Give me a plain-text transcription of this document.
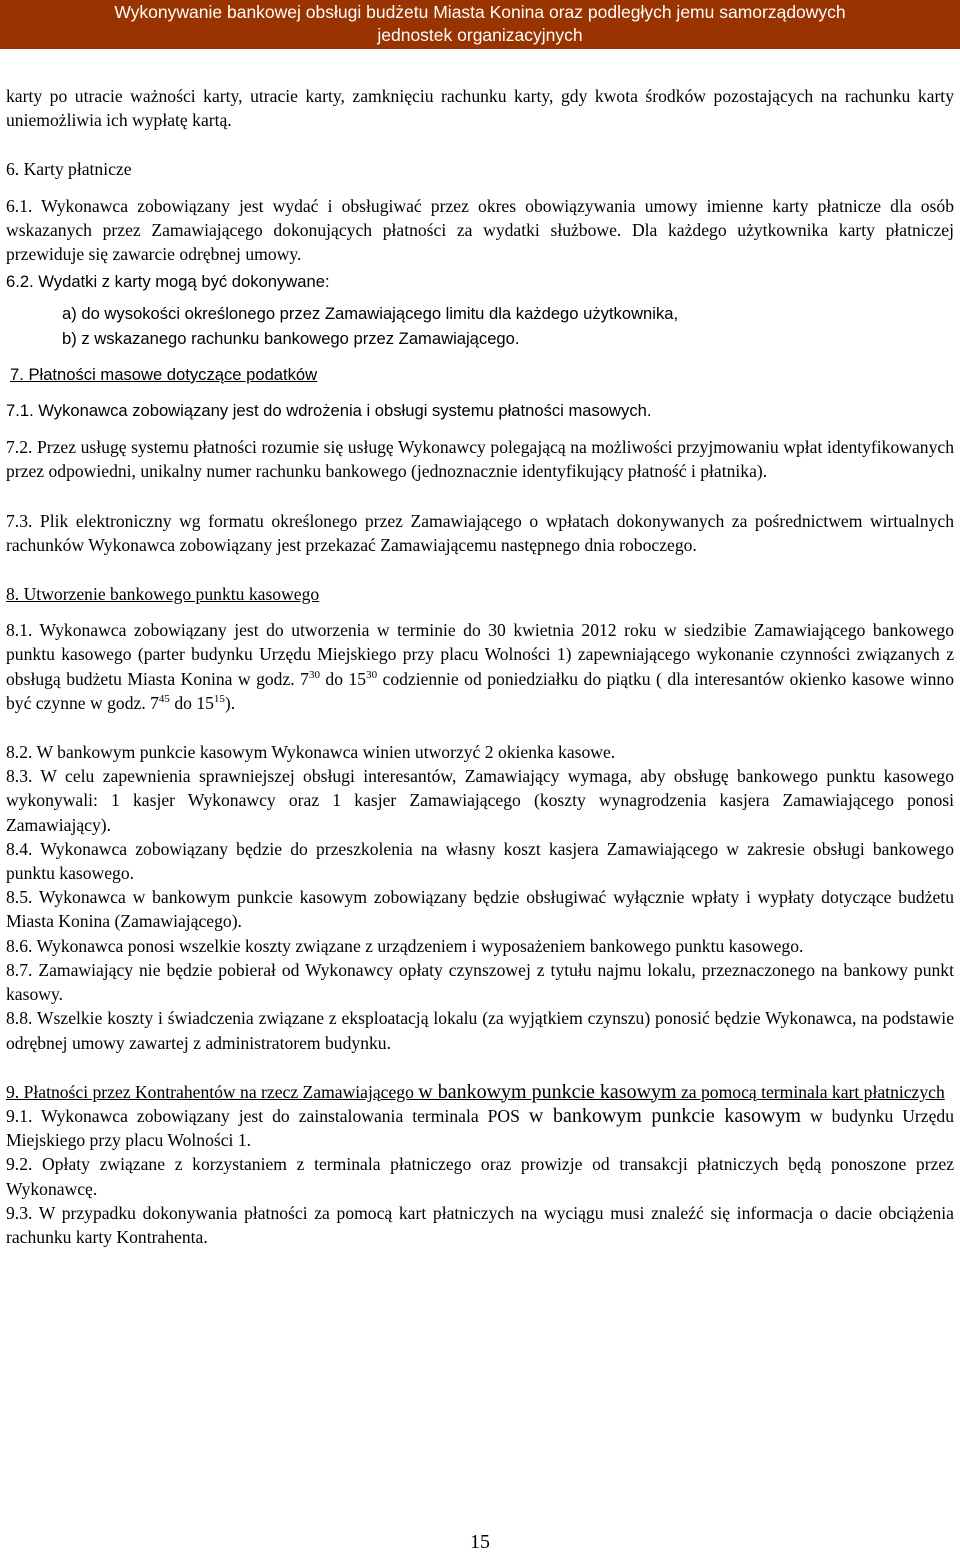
Wykonywanie bankowej obsługi budżetu Miasta Konina oraz podległych jemu samorządowych
jednostek organizacyjnych

karty po utracie ważności karty, utracie karty, zamknięciu rachunku karty, gdy kwota środków pozostających na rachunku karty uniemożliwia ich wypłatę kartą.

6. Karty płatnicze

6.1. Wykonawca zobowiązany jest wydać i obsługiwać przez okres obowiązywania umowy imienne karty płatnicze dla osób wskazanych przez Zamawiającego dokonujących płatności za wydatki służbowe. Dla każdego użytkownika karty płatniczej przewiduje się zawarcie odrębnej umowy.

6.2. Wydatki z karty mogą być dokonywane:

a) do wysokości określonego przez Zamawiającego limitu dla każdego użytkownika,

b) z wskazanego rachunku bankowego przez Zamawiającego.

7. Płatności masowe dotyczące podatków

7.1. Wykonawca zobowiązany jest do wdrożenia i obsługi systemu płatności masowych.

7.2. Przez usługę systemu płatności rozumie się usługę Wykonawcy polegającą na możliwości przyjmowaniu wpłat identyfikowanych przez odpowiedni, unikalny numer rachunku bankowego (jednoznacznie identyfikujący płatność i płatnika).

7.3. Plik elektroniczny wg formatu określonego przez Zamawiającego o wpłatach dokonywanych za pośrednictwem wirtualnych rachunków Wykonawca zobowiązany jest przekazać Zamawiającemu następnego dnia roboczego.

8. Utworzenie bankowego punktu kasowego

8.1. Wykonawca zobowiązany jest do utworzenia w terminie do 30 kwietnia 2012 roku w siedzibie Zamawiającego bankowego punktu kasowego (parter budynku Urzędu Miejskiego przy placu Wolności 1) zapewniającego wykonanie czynności związanych z obsługą budżetu Miasta Konina w godz. $7^{30}$ do $15^{30}$ codziennie od poniedziałku do piątku ( dla interesantów okienko kasowe winno być czynne w godz. $7^{45}$ do $15^{15}$).

8.2. W bankowym punkcie kasowym Wykonawca winien utworzyć 2 okienka kasowe.

8.3. W celu zapewnienia sprawniejszej obsługi interesantów, Zamawiający wymaga, aby obsługę bankowego punktu kasowego wykonywali: 1 kasjer Wykonawcy oraz 1 kasjer Zamawiającego (koszty wynagrodzenia kasjera Zamawiającego ponosi Zamawiający).

8.4. Wykonawca zobowiązany będzie do przeszkolenia na własny koszt kasjera Zamawiającego w zakresie obsługi bankowego punktu kasowego.

8.5. Wykonawca w bankowym punkcie kasowym zobowiązany będzie obsługiwać wyłącznie wpłaty i wypłaty dotyczące budżetu Miasta Konina (Zamawiającego).

8.6. Wykonawca ponosi wszelkie koszty związane z urządzeniem i wyposażeniem bankowego punktu kasowego.

8.7. Zamawiający nie będzie pobierał od Wykonawcy opłaty czynszowej z tytułu najmu lokalu, przeznaczonego na bankowy punkt kasowy.

8.8. Wszelkie koszty i świadczenia związane z eksploatacją lokalu (za wyjątkiem czynszu) ponosić będzie Wykonawca, na podstawie odrębnej umowy zawartej z administratorem budynku.

9. Płatności przez Kontrahentów na rzecz Zamawiającego w bankowym punkcie kasowym za pomocą terminala kart płatniczych

9.1. Wykonawca zobowiązany jest do zainstalowania terminala POS w bankowym punkcie kasowym w budynku Urzędu Miejskiego przy placu Wolności 1.

9.2. Opłaty związane z korzystaniem z terminala płatniczego oraz prowizje od transakcji płatniczych będą ponoszone przez Wykonawcę.

9.3. W przypadku dokonywania płatności za pomocą kart płatniczych na wyciągu musi znaleźć się informacja o dacie obciążenia rachunku karty Kontrahenta.

15
